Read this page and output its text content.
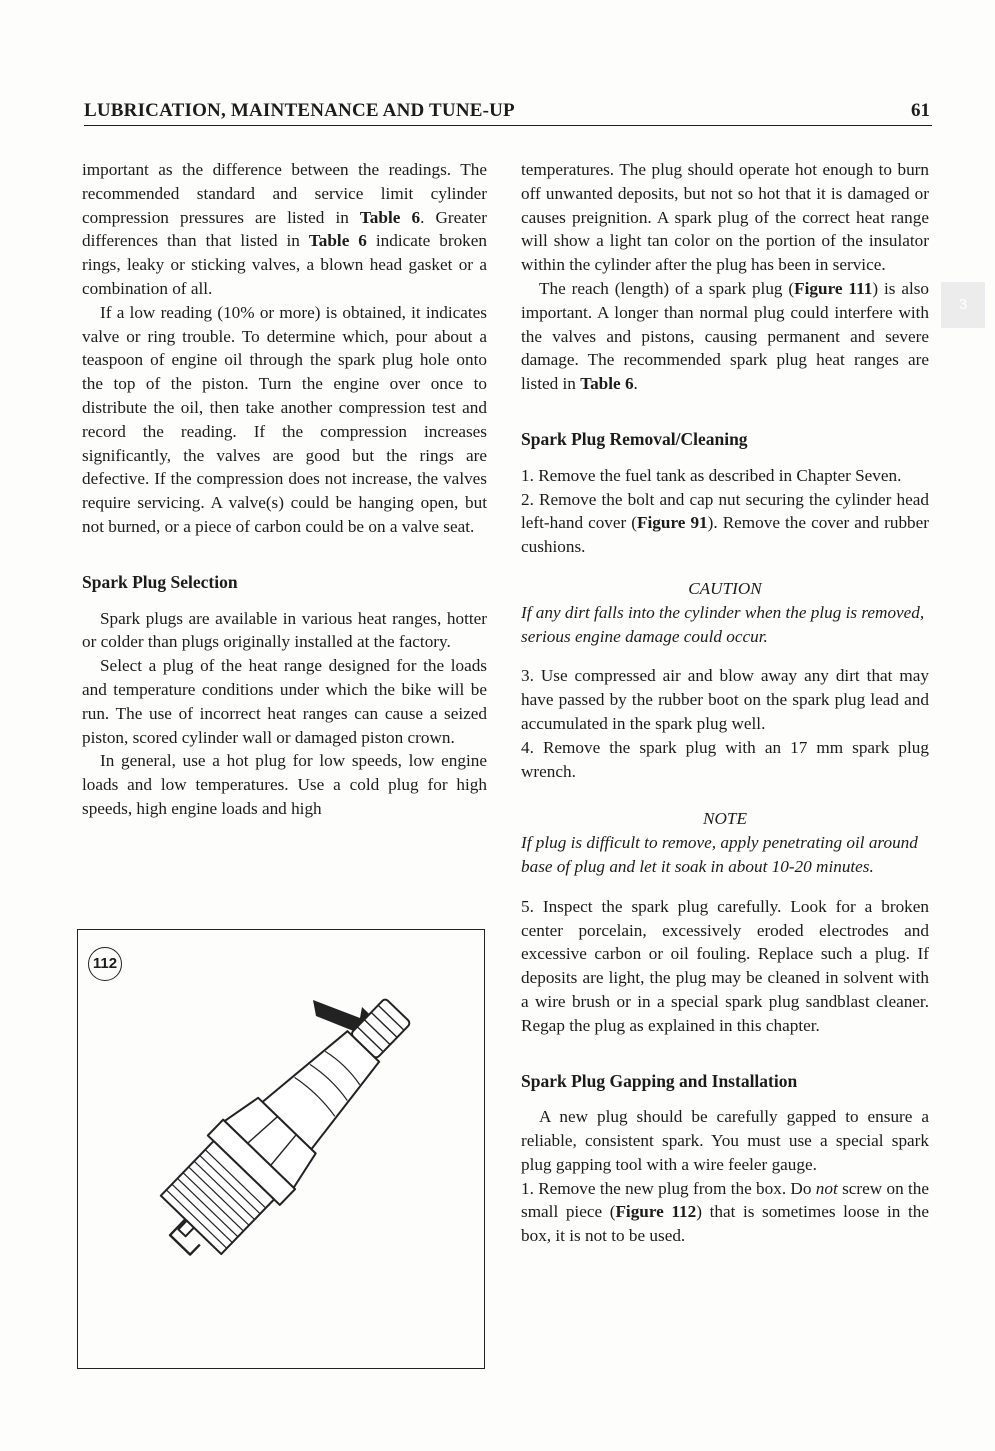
LUBRICATION, MAINTENANCE AND TUNE-UP	61
3

important as the difference between the readings. The recommended standard and service limit cylinder compression pressures are listed in Table 6. Greater differences than that listed in Table 6 indicate broken rings, leaky or sticking valves, a blown head gasket or a combination of all.

If a low reading (10% or more) is obtained, it indicates valve or ring trouble. To determine which, pour about a teaspoon of engine oil through the spark plug hole onto the top of the piston. Turn the engine over once to distribute the oil, then take another compression test and record the reading. If the compression increases significantly, the valves are good but the rings are defective. If the compression does not increase, the valves require servicing. A valve(s) could be hanging open, but not burned, or a piece of carbon could be on a valve seat.

Spark Plug Selection

Spark plugs are available in various heat ranges, hotter or colder than plugs originally installed at the factory.

Select a plug of the heat range designed for the loads and temperature conditions under which the bike will be run. The use of incorrect heat ranges can cause a seized piston, scored cylinder wall or damaged piston crown.

In general, use a hot plug for low speeds, low engine loads and low temperatures. Use a cold plug for high speeds, high engine loads and high

112

temperatures. The plug should operate hot enough to burn off unwanted deposits, but not so hot that it is damaged or causes preignition. A spark plug of the correct heat range will show a light tan color on the portion of the insulator within the cylinder after the plug has been in service.

The reach (length) of a spark plug (Figure 111) is also important. A longer than normal plug could interfere with the valves and pistons, causing permanent and severe damage. The recommended spark plug heat ranges are listed in Table 6.

Spark Plug Removal/Cleaning

1. Remove the fuel tank as described in Chapter Seven.

2. Remove the bolt and cap nut securing the cylinder head left-hand cover (Figure 91). Remove the cover and rubber cushions.

CAUTION

If any dirt falls into the cylinder when the plug is removed, serious engine damage could occur.

3. Use compressed air and blow away any dirt that may have passed by the rubber boot on the spark plug lead and accumulated in the spark plug well.

4. Remove the spark plug with an 17 mm spark plug wrench.

NOTE

If plug is difficult to remove, apply penetrating oil around base of plug and let it soak in about 10-20 minutes.

5. Inspect the spark plug carefully. Look for a broken center porcelain, excessively eroded electrodes and excessive carbon or oil fouling. Replace such a plug. If deposits are light, the plug may be cleaned in solvent with a wire brush or in a special spark plug sandblast cleaner. Regap the plug as explained in this chapter.

Spark Plug Gapping and Installation

A new plug should be carefully gapped to ensure a reliable, consistent spark. You must use a special spark plug gapping tool with a wire feeler gauge.

1. Remove the new plug from the box. Do not screw on the small piece (Figure 112) that is sometimes loose in the box, it is not to be used.
